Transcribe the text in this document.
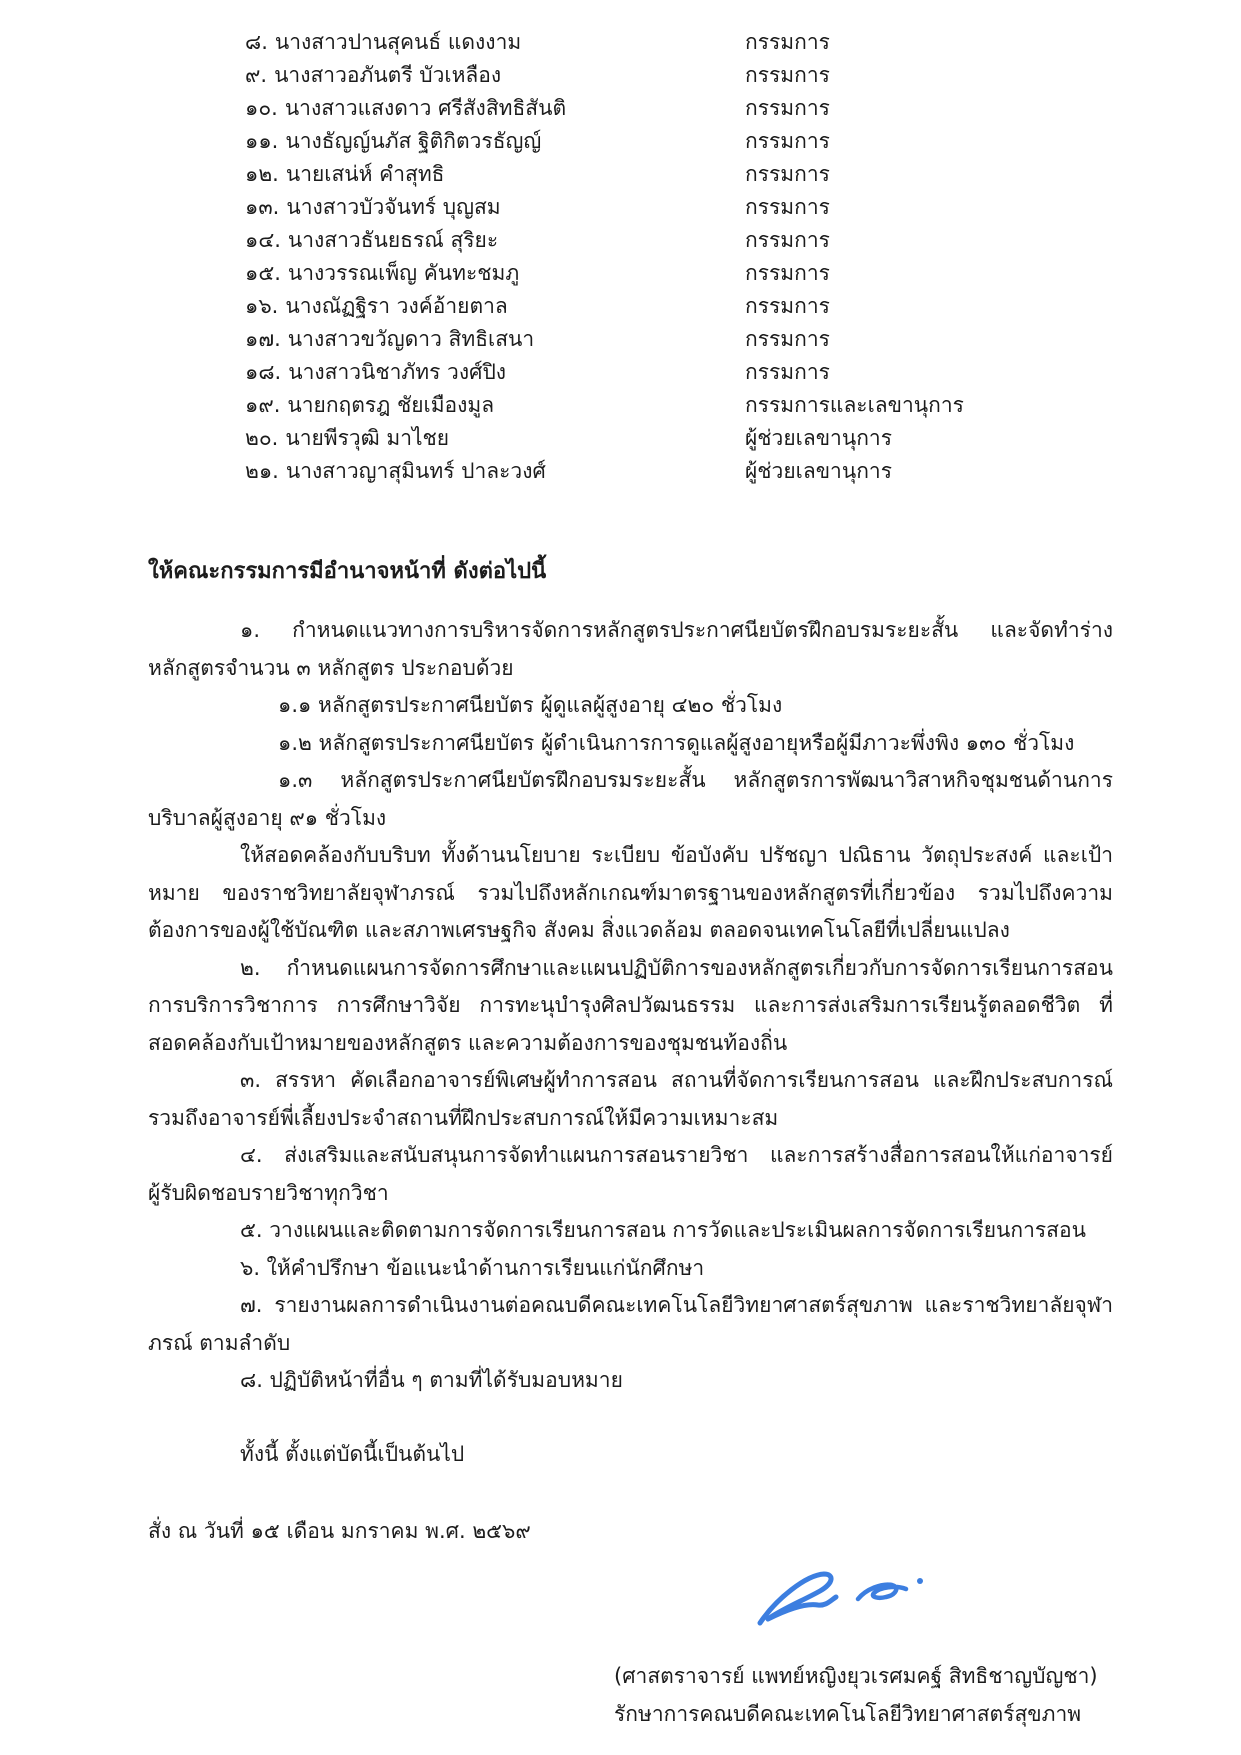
๘. นางสาวปานสุคนธ์ แดงงาม	กรรมการ
๙. นางสาวอภันตรี บัวเหลือง	กรรมการ
๑๐. นางสาวแสงดาว ศรีสังสิทธิสันติ	กรรมการ
๑๑. นางธัญญ์นภัส ฐิติกิตวรธัญญ์	กรรมการ
๑๒. นายเสน่ห์ คำสุทธิ	กรรมการ
๑๓. นางสาวบัวจันทร์ บุญสม	กรรมการ
๑๔. นางสาวธันยธรณ์ สุริยะ	กรรมการ
๑๕. นางวรรณเพ็ญ คันทะชมภู	กรรมการ
๑๖. นางณัฏฐิรา วงค์อ้ายตาล	กรรมการ
๑๗. นางสาวขวัญดาว สิทธิเสนา	กรรมการ
๑๘. นางสาวนิชาภัทร วงศ์ปิง	กรรมการ
๑๙. นายกฤตรฎ ชัยเมืองมูล	กรรมการและเลขานุการ
๒๐. นายพีรวุฒิ มาไชย	ผู้ช่วยเลขานุการ
๒๑. นางสาวญาสุมินทร์ ปาละวงศ์	ผู้ช่วยเลขานุการ
ให้คณะกรรมการมีอำนาจหน้าที่ ดังต่อไปนี้

๑. กำหนดแนวทางการบริหารจัดการหลักสูตรประกาศนียบัตรฝึกอบรมระยะสั้น และจัดทำร่างหลักสูตรจำนวน ๓ หลักสูตร ประกอบด้วย

๑.๑ หลักสูตรประกาศนียบัตร ผู้ดูแลผู้สูงอายุ ๔๒๐ ชั่วโมง

๑.๒ หลักสูตรประกาศนียบัตร ผู้ดำเนินการการดูแลผู้สูงอายุหรือผู้มีภาวะพึ่งพิง ๑๓๐ ชั่วโมง

๑.๓ หลักสูตรประกาศนียบัตรฝึกอบรมระยะสั้น หลักสูตรการพัฒนาวิสาหกิจชุมชนด้านการบริบาลผู้สูงอายุ ๙๑ ชั่วโมง

ให้สอดคล้องกับบริบท ทั้งด้านนโยบาย ระเบียบ ข้อบังคับ ปรัชญา ปณิธาน วัตถุประสงค์ และเป้าหมาย ของราชวิทยาลัยจุฬาภรณ์ รวมไปถึงหลักเกณฑ์มาตรฐานของหลักสูตรที่เกี่ยวข้อง รวมไปถึงความต้องการของผู้ใช้บัณฑิต และสภาพเศรษฐกิจ สังคม สิ่งแวดล้อม ตลอดจนเทคโนโลยีที่เปลี่ยนแปลง

๒. กำหนดแผนการจัดการศึกษาและแผนปฏิบัติการของหลักสูตรเกี่ยวกับการจัดการเรียนการสอนการบริการวิชาการ การศึกษาวิจัย การทะนุบำรุงศิลปวัฒนธรรม และการส่งเสริมการเรียนรู้ตลอดชีวิต ที่สอดคล้องกับเป้าหมายของหลักสูตร และความต้องการของชุมชนท้องถิ่น

๓. สรรหา คัดเลือกอาจารย์พิเศษผู้ทำการสอน สถานที่จัดการเรียนการสอน และฝึกประสบการณ์ รวมถึงอาจารย์พี่เลี้ยงประจำสถานที่ฝึกประสบการณ์ให้มีความเหมาะสม

๔. ส่งเสริมและสนับสนุนการจัดทำแผนการสอนรายวิชา และการสร้างสื่อการสอนให้แก่อาจารย์ผู้รับผิดชอบรายวิชาทุกวิชา

๕. วางแผนและติดตามการจัดการเรียนการสอน การวัดและประเมินผลการจัดการเรียนการสอน

๖. ให้คำปรึกษา ข้อแนะนำด้านการเรียนแก่นักศึกษา

๗. รายงานผลการดำเนินงานต่อคณบดีคณะเทคโนโลยีวิทยาศาสตร์สุขภาพ และราชวิทยาลัยจุฬาภรณ์ ตามลำดับ

๘. ปฏิบัติหน้าที่อื่น ๆ ตามที่ได้รับมอบหมาย

ทั้งนี้ ตั้งแต่บัดนี้เป็นต้นไป

สั่ง ณ วันที่ ๑๕ เดือน มกราคม พ.ศ. ๒๕๖๙

(ศาสตราจารย์ แพทย์หญิงยุวเรศมคฐ์ สิทธิชาญบัญชา)
รักษาการคณบดีคณะเทคโนโลยีวิทยาศาสตร์สุขภาพ
